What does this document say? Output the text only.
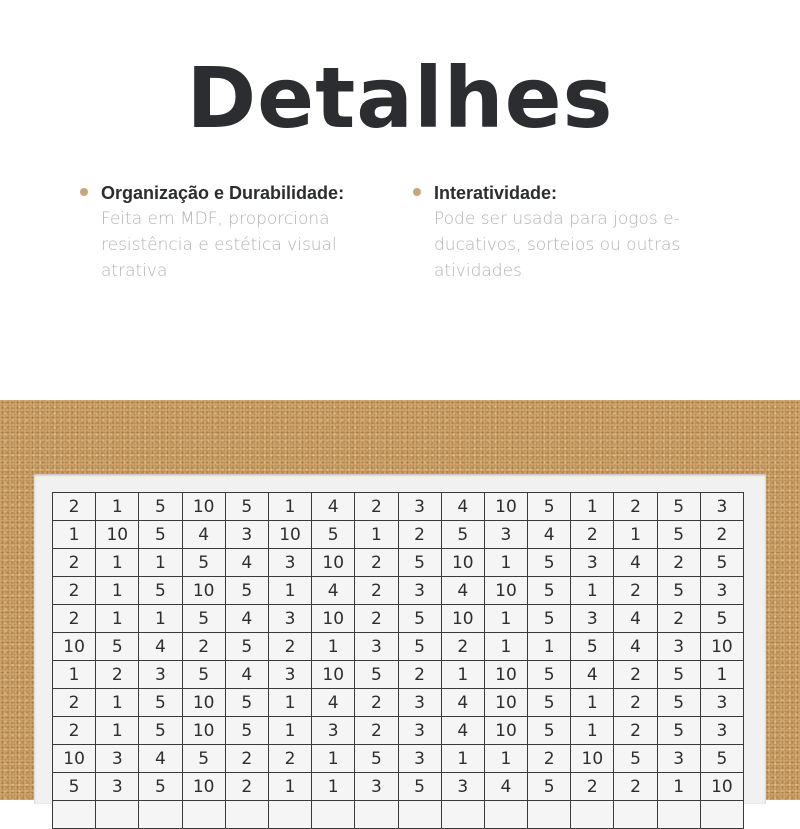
Detalhes
Organização e Durabilidade:
Feita em MDF, proporciona resistência e estética visual atrativa
Interatividade:
Pode ser usada para jogos e-ducativos, sorteios ou outras atividades
2	1	5	10	5	1	4	2	3	4	10	5	1	2	5	3
1	10	5	4	3	10	5	1	2	5	3	4	2	1	5	2
2	1	1	5	4	3	10	2	5	10	1	5	3	4	2	5
2	1	5	10	5	1	4	2	3	4	10	5	1	2	5	3
2	1	1	5	4	3	10	2	5	10	1	5	3	4	2	5
10	5	4	2	5	2	1	3	5	2	1	1	5	4	3	10
1	2	3	5	4	3	10	5	2	1	10	5	4	2	5	1
2	1	5	10	5	1	4	2	3	4	10	5	1	2	5	3
2	1	5	10	5	1	3	2	3	4	10	5	1	2	5	3
10	3	4	5	2	2	1	5	3	1	1	2	10	5	3	5
5	3	5	10	2	1	1	3	5	3	4	5	2	2	1	10
